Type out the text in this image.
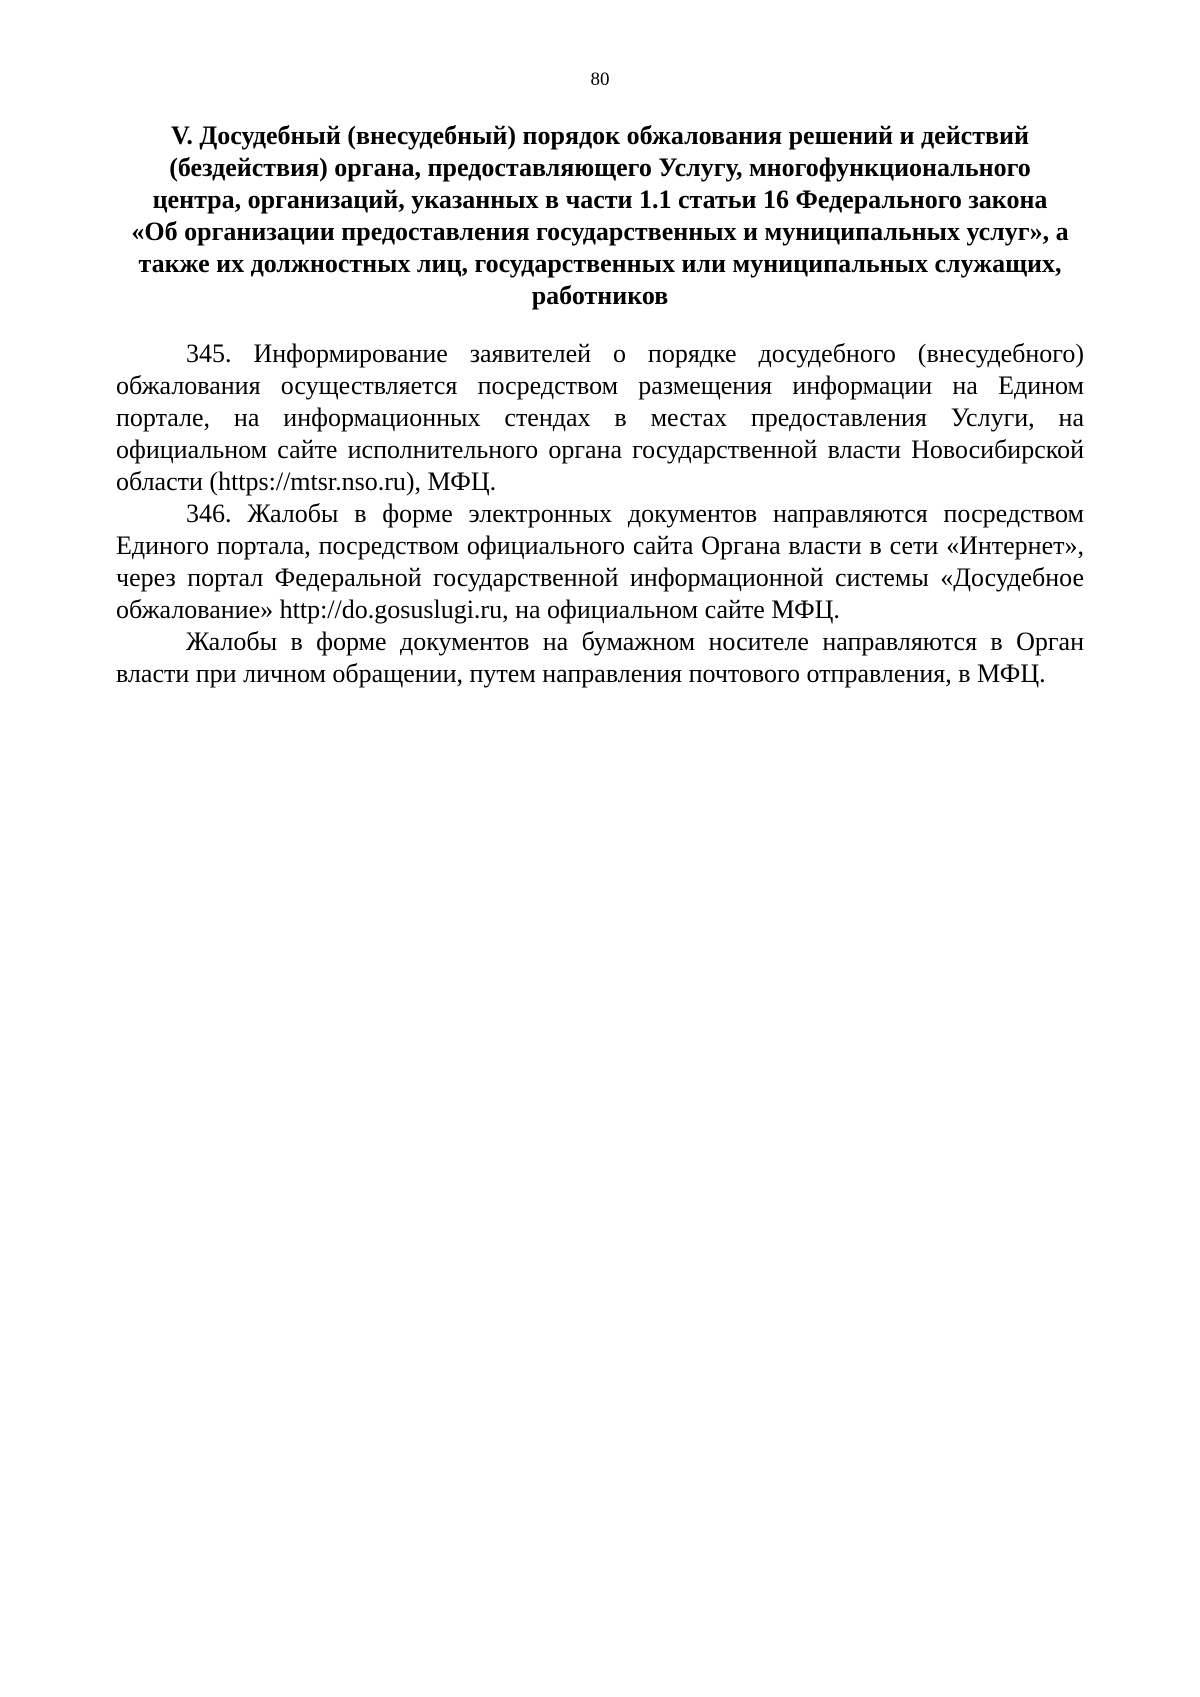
80
V. Досудебный (внесудебный) порядок обжалования решений и действий
(бездействия) органа, предоставляющего Услугу, многофункционального
центра, организаций, указанных в части 1.1 статьи 16 Федерального закона
«Об организации предоставления государственных и муниципальных услуг», а
также их должностных лиц, государственных или муниципальных служащих,
работников

345. Информирование заявителей о порядке досудебного (внесудебного) обжалования осуществляется посредством размещения информации на Едином портале, на информационных стендах в местах предоставления Услуги, на официальном сайте исполнительного органа государственной власти Новосибирской области (https://mtsr.nso.ru), МФЦ.

346. Жалобы в форме электронных документов направляются посредством Единого портала, посредством официального сайта Органа власти в сети «Интернет», через портал Федеральной государственной информационной системы «Досудебное обжалование» http://do.gosuslugi.ru, на официальном сайте МФЦ.

Жалобы в форме документов на бумажном носителе направляются в Орган власти при личном обращении, путем направления почтового отправления, в МФЦ.
